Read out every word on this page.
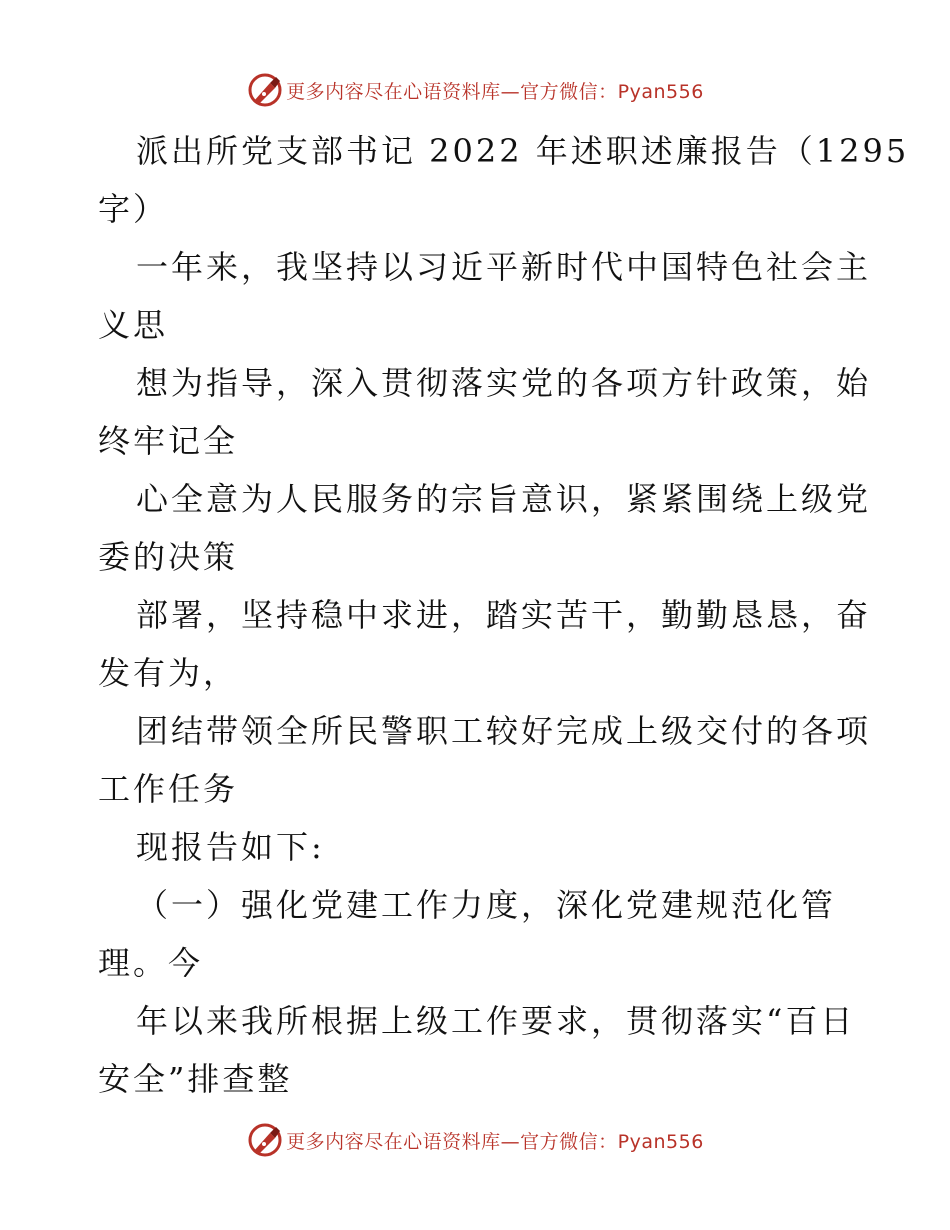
更多内容尽在心语资料库—官方微信：Pyan556
派出所党支部书记 2022 年述职述廉报告（1295
字）
一年来，我坚持以习近平新时代中国特色社会主
义思
想为指导，深入贯彻落实党的各项方针政策，始
终牢记全
心全意为人民服务的宗旨意识，紧紧围绕上级党
委的决策
部署，坚持稳中求进，踏实苦干，勤勤恳恳，奋
发有为，
团结带领全所民警职工较好完成上级交付的各项
工作任务
现报告如下:
（一）强化党建工作力度，深化党建规范化管
理。今
年以来我所根据上级工作要求，贯彻落实“百日
安全”排查整
更多内容尽在心语资料库—官方微信：Pyan556
